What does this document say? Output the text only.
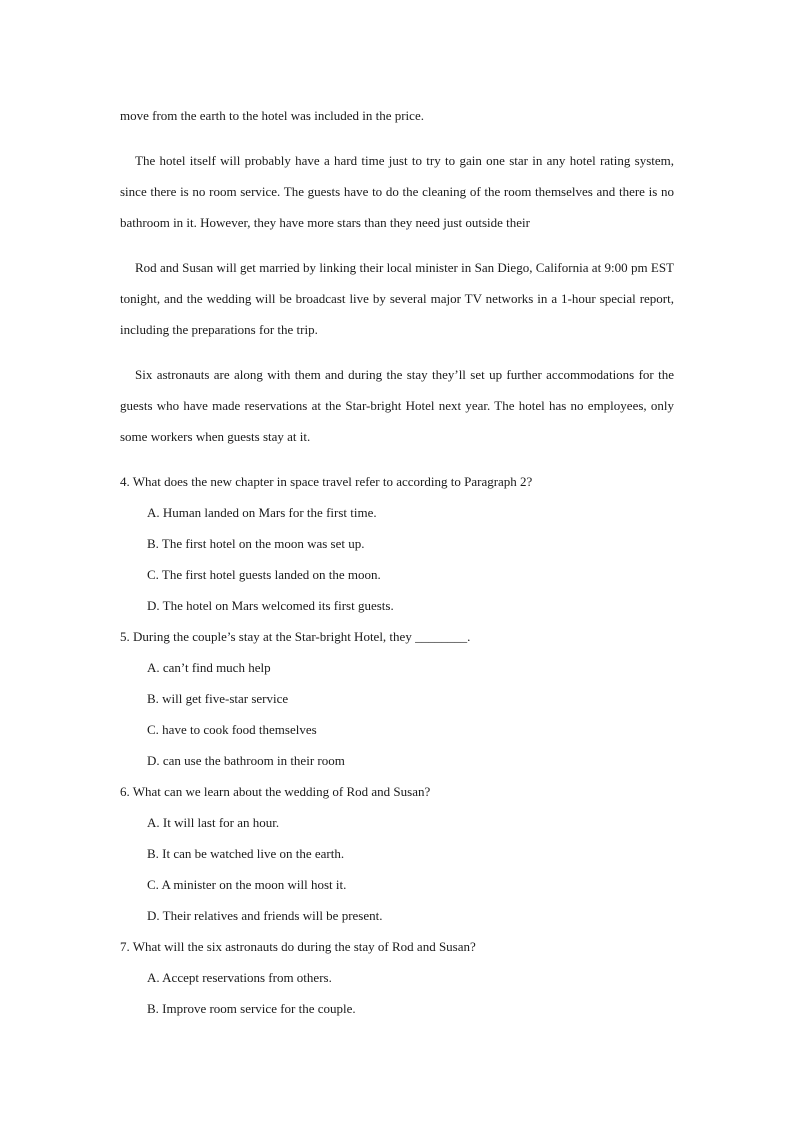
move from the earth to the hotel was included in the price.

The hotel itself will probably have a hard time just to try to gain one star in any hotel rating system, since there is no room service. The guests have to do the cleaning of the room themselves and there is no bathroom in it. However, they have more stars than they need just outside their

Rod and Susan will get married by linking their local minister in San Diego, California at 9:00 pm EST tonight, and the wedding will be broadcast live by several major TV networks in a 1-hour special report, including the preparations for the trip.

Six astronauts are along with them and during the stay they’ll set up further accommodations for the guests who have made reservations at the Star-bright Hotel next year. The hotel has no employees, only some workers when guests stay at it.

4. What does the new chapter in space travel refer to according to Paragraph 2?

A. Human landed on Mars for the first time.

B. The first hotel on the moon was set up.

C. The first hotel guests landed on the moon.

D. The hotel on Mars welcomed its first guests.

5. During the couple’s stay at the Star-bright Hotel, they ________.

A. can’t find much help

B. will get five-star service

C. have to cook food themselves

D. can use the bathroom in their room

6. What can we learn about the wedding of Rod and Susan?

A. It will last for an hour.

B. It can be watched live on the earth.

C. A minister on the moon will host it.

D. Their relatives and friends will be present.

7. What will the six astronauts do during the stay of Rod and Susan?

A. Accept reservations from others.

B. Improve room service for the couple.
